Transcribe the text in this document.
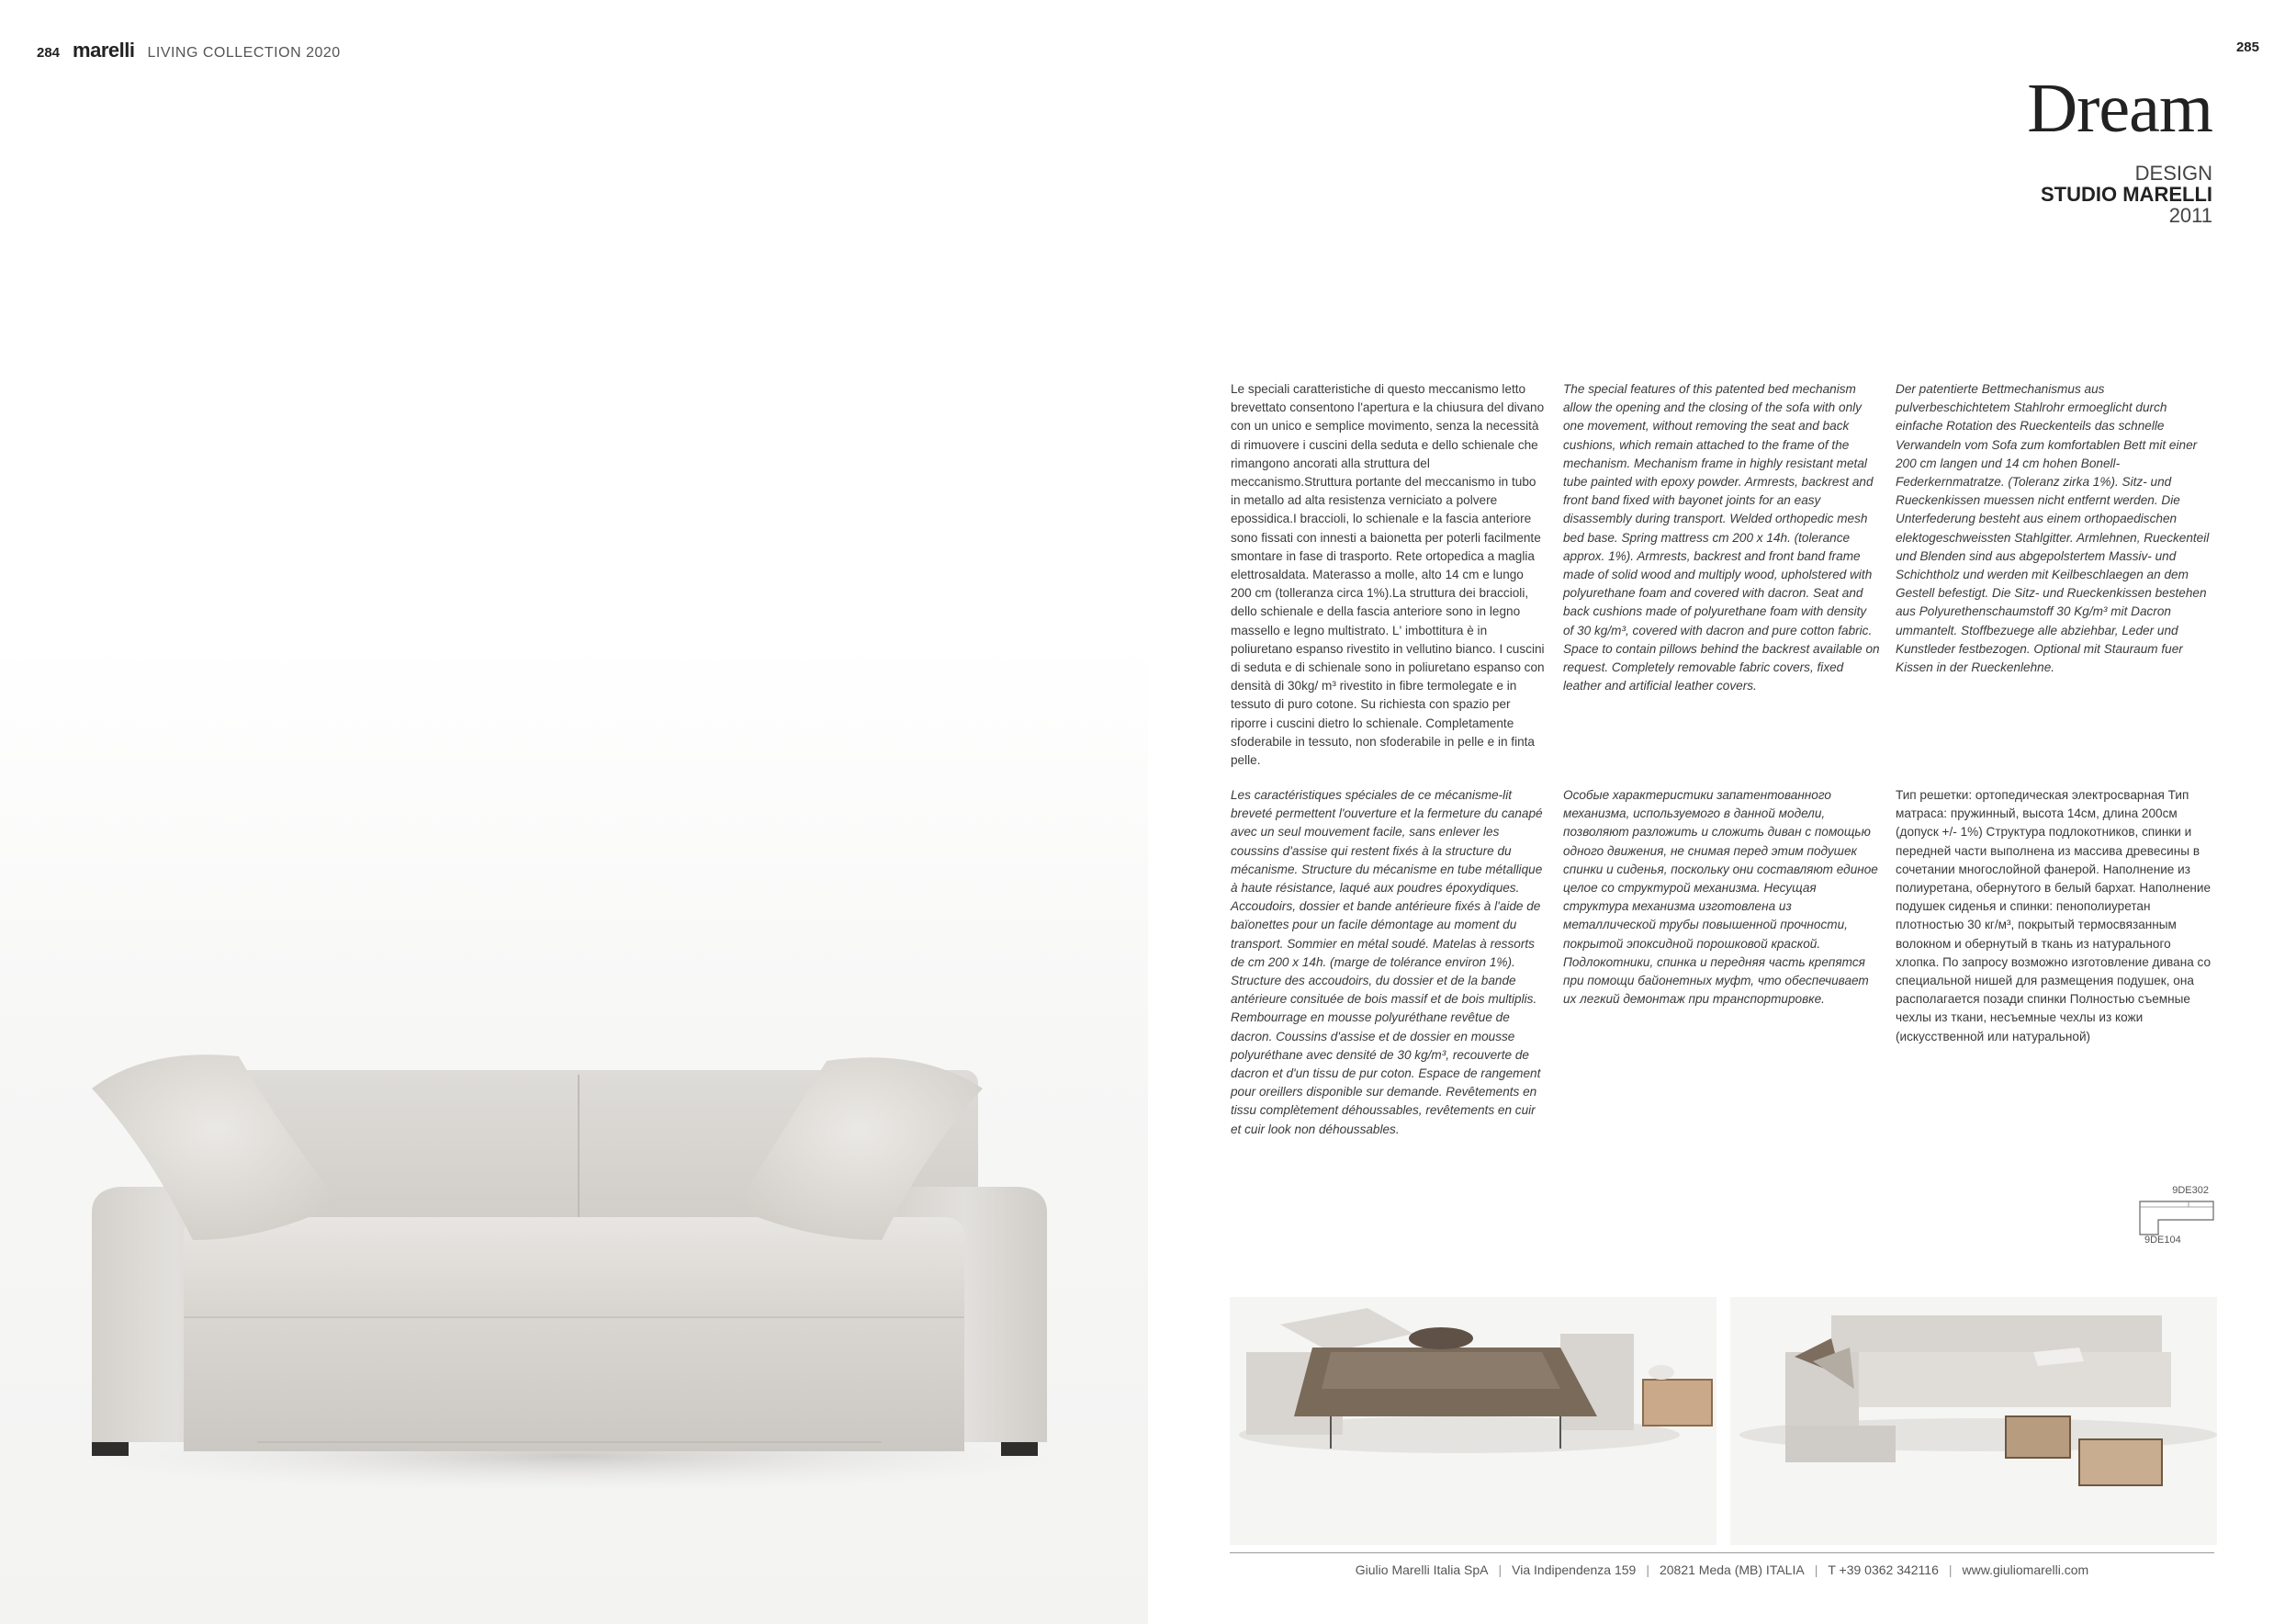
284 marelli LIVING COLLECTION 2020	285
Dream
DESIGN
STUDIO MARELLI
2011

Le speciali caratteristiche di questo meccanismo letto brevettato consentono l'apertura e la chiusura del divano con un unico e semplice movimento, senza la necessità di rimuovere i cuscini della seduta e dello schienale che rimangono ancorati alla struttura del meccanismo.Struttura portante del meccanismo in tubo in metallo ad alta resistenza verniciato a polvere epossidica.I braccioli, lo schienale e la fascia anteriore sono fissati con innesti a baionetta per poterli facilmente smontare in fase di trasporto. Rete ortopedica a maglia elettrosaldata. Materasso a molle, alto 14 cm e lungo 200 cm (tolleranza circa 1%).La struttura dei braccioli, dello schienale e della fascia anteriore sono in legno massello e legno multistrato. L' imbottitura è in poliuretano espanso rivestito in vellutino bianco. I cuscini di seduta e di schienale sono in poliuretano espanso con densità di 30kg/ m³ rivestito in fibre termolegate e in tessuto di puro cotone. Su richiesta con spazio per riporre i cuscini dietro lo schienale. Completamente sfoderabile in tessuto, non sfoderabile in pelle e in finta pelle.

The special features of this patented bed mechanism allow the opening and the closing of the sofa with only one movement, without removing the seat and back cushions, which remain attached to the frame of the mechanism. Mechanism frame in highly resistant metal tube painted with epoxy powder. Armrests, backrest and front band fixed with bayonet joints for an easy disassembly during transport. Welded orthopedic mesh bed base. Spring mattress cm 200 x 14h. (tolerance approx. 1%). Armrests, backrest and front band frame made of solid wood and multiply wood, upholstered with polyurethane foam and covered with dacron. Seat and back cushions made of polyurethane foam with density of 30 kg/m³, covered with dacron and pure cotton fabric. Space to contain pillows behind the backrest available on request. Completely removable fabric covers, fixed leather and artificial leather covers.

Der patentierte Bettmechanismus aus pulverbeschichtetem Stahlrohr ermoeglicht durch einfache Rotation des Rueckenteils das schnelle Verwandeln vom Sofa zum komfortablen Bett mit einer 200 cm langen und 14 cm hohen Bonell-Federkernmatratze. (Toleranz zirka 1%). Sitz- und Rueckenkissen muessen nicht entfernt werden. Die Unterfederung besteht aus einem orthopaedischen elektogeschweissten Stahlgitter. Armlehnen, Rueckenteil und Blenden sind aus abgepolstertem Massiv- und Schichtholz und werden mit Keilbeschlaegen an dem Gestell befestigt. Die Sitz- und Rueckenkissen bestehen aus Polyurethenschaumstoff 30 Kg/m³ mit Dacron ummantelt. Stoffbezuege alle abziehbar, Leder und Kunstleder festbezogen. Optional mit Stauraum fuer Kissen in der Rueckenlehne.

Les caractéristiques spéciales de ce mécanisme-lit breveté permettent l'ouverture et la fermeture du canapé avec un seul mouvement facile, sans enlever les coussins d'assise qui restent fixés à la structure du mécanisme. Structure du mécanisme en tube métallique à haute résistance, laqué aux poudres époxydiques. Accoudoirs, dossier et bande antérieure fixés à l'aide de baïonettes pour un facile démontage au moment du transport. Sommier en métal soudé. Matelas à ressorts de cm 200 x 14h. (marge de tolérance environ 1%). Structure des accoudoirs, du dossier et de la bande antérieure consituée de bois massif et de bois multiplis. Rembourrage en mousse polyuréthane revêtue de dacron. Coussins d'assise et de dossier en mousse polyuréthane avec densité de 30 kg/m³, recouverte de dacron et d'un tissu de pur coton. Espace de rangement pour oreillers disponible sur demande. Revêtements en tissu complètement déhoussables, revêtements en cuir et cuir look non déhoussables.

Особые характеристики запатентованного механизма, используемого в данной модели, позволяют разложить и сложить диван с помощью одного движения, не снимая перед этим подушек спинки и сиденья, поскольку они составляют единое целое со структурой механизма. Несущая структура механизма изготовлена из металлической трубы повышенной прочности, покрытой эпоксидной порошковой краской. Подлокотники, спинка и передняя часть крепятся при помощи байонетных муфт, что обеспечивает их легкий демонтаж при транспортировке.

Тип решетки: ортопедическая электросварная Тип матраса: пружинный, высота 14см, длина 200см (допуск +/- 1%) Структура подлокотников, спинки и передней части выполнена из массива древесины в сочетании многослойной фанерой. Наполнение из полиуретана, обернутого в белый бархат. Наполнение подушек сиденья и спинки: пенополиуретан плотностью 30 кг/м³, покрытый термосвязанным волокном и обернутый в ткань из натурального хлопка. По запросу возможно изготовление дивана со специальной нишей для размещения подушек, она располагается позади спинки Полностью съемные чехлы из ткани, несъемные чехлы из кожи (искусственной или натуральной)

9DE302
9DE104
Giulio Marelli Italia SpA | Via Indipendenza 159 | 20821 Meda (MB) ITALIA | T +39 0362 342116 | www.giuliomarelli.com
